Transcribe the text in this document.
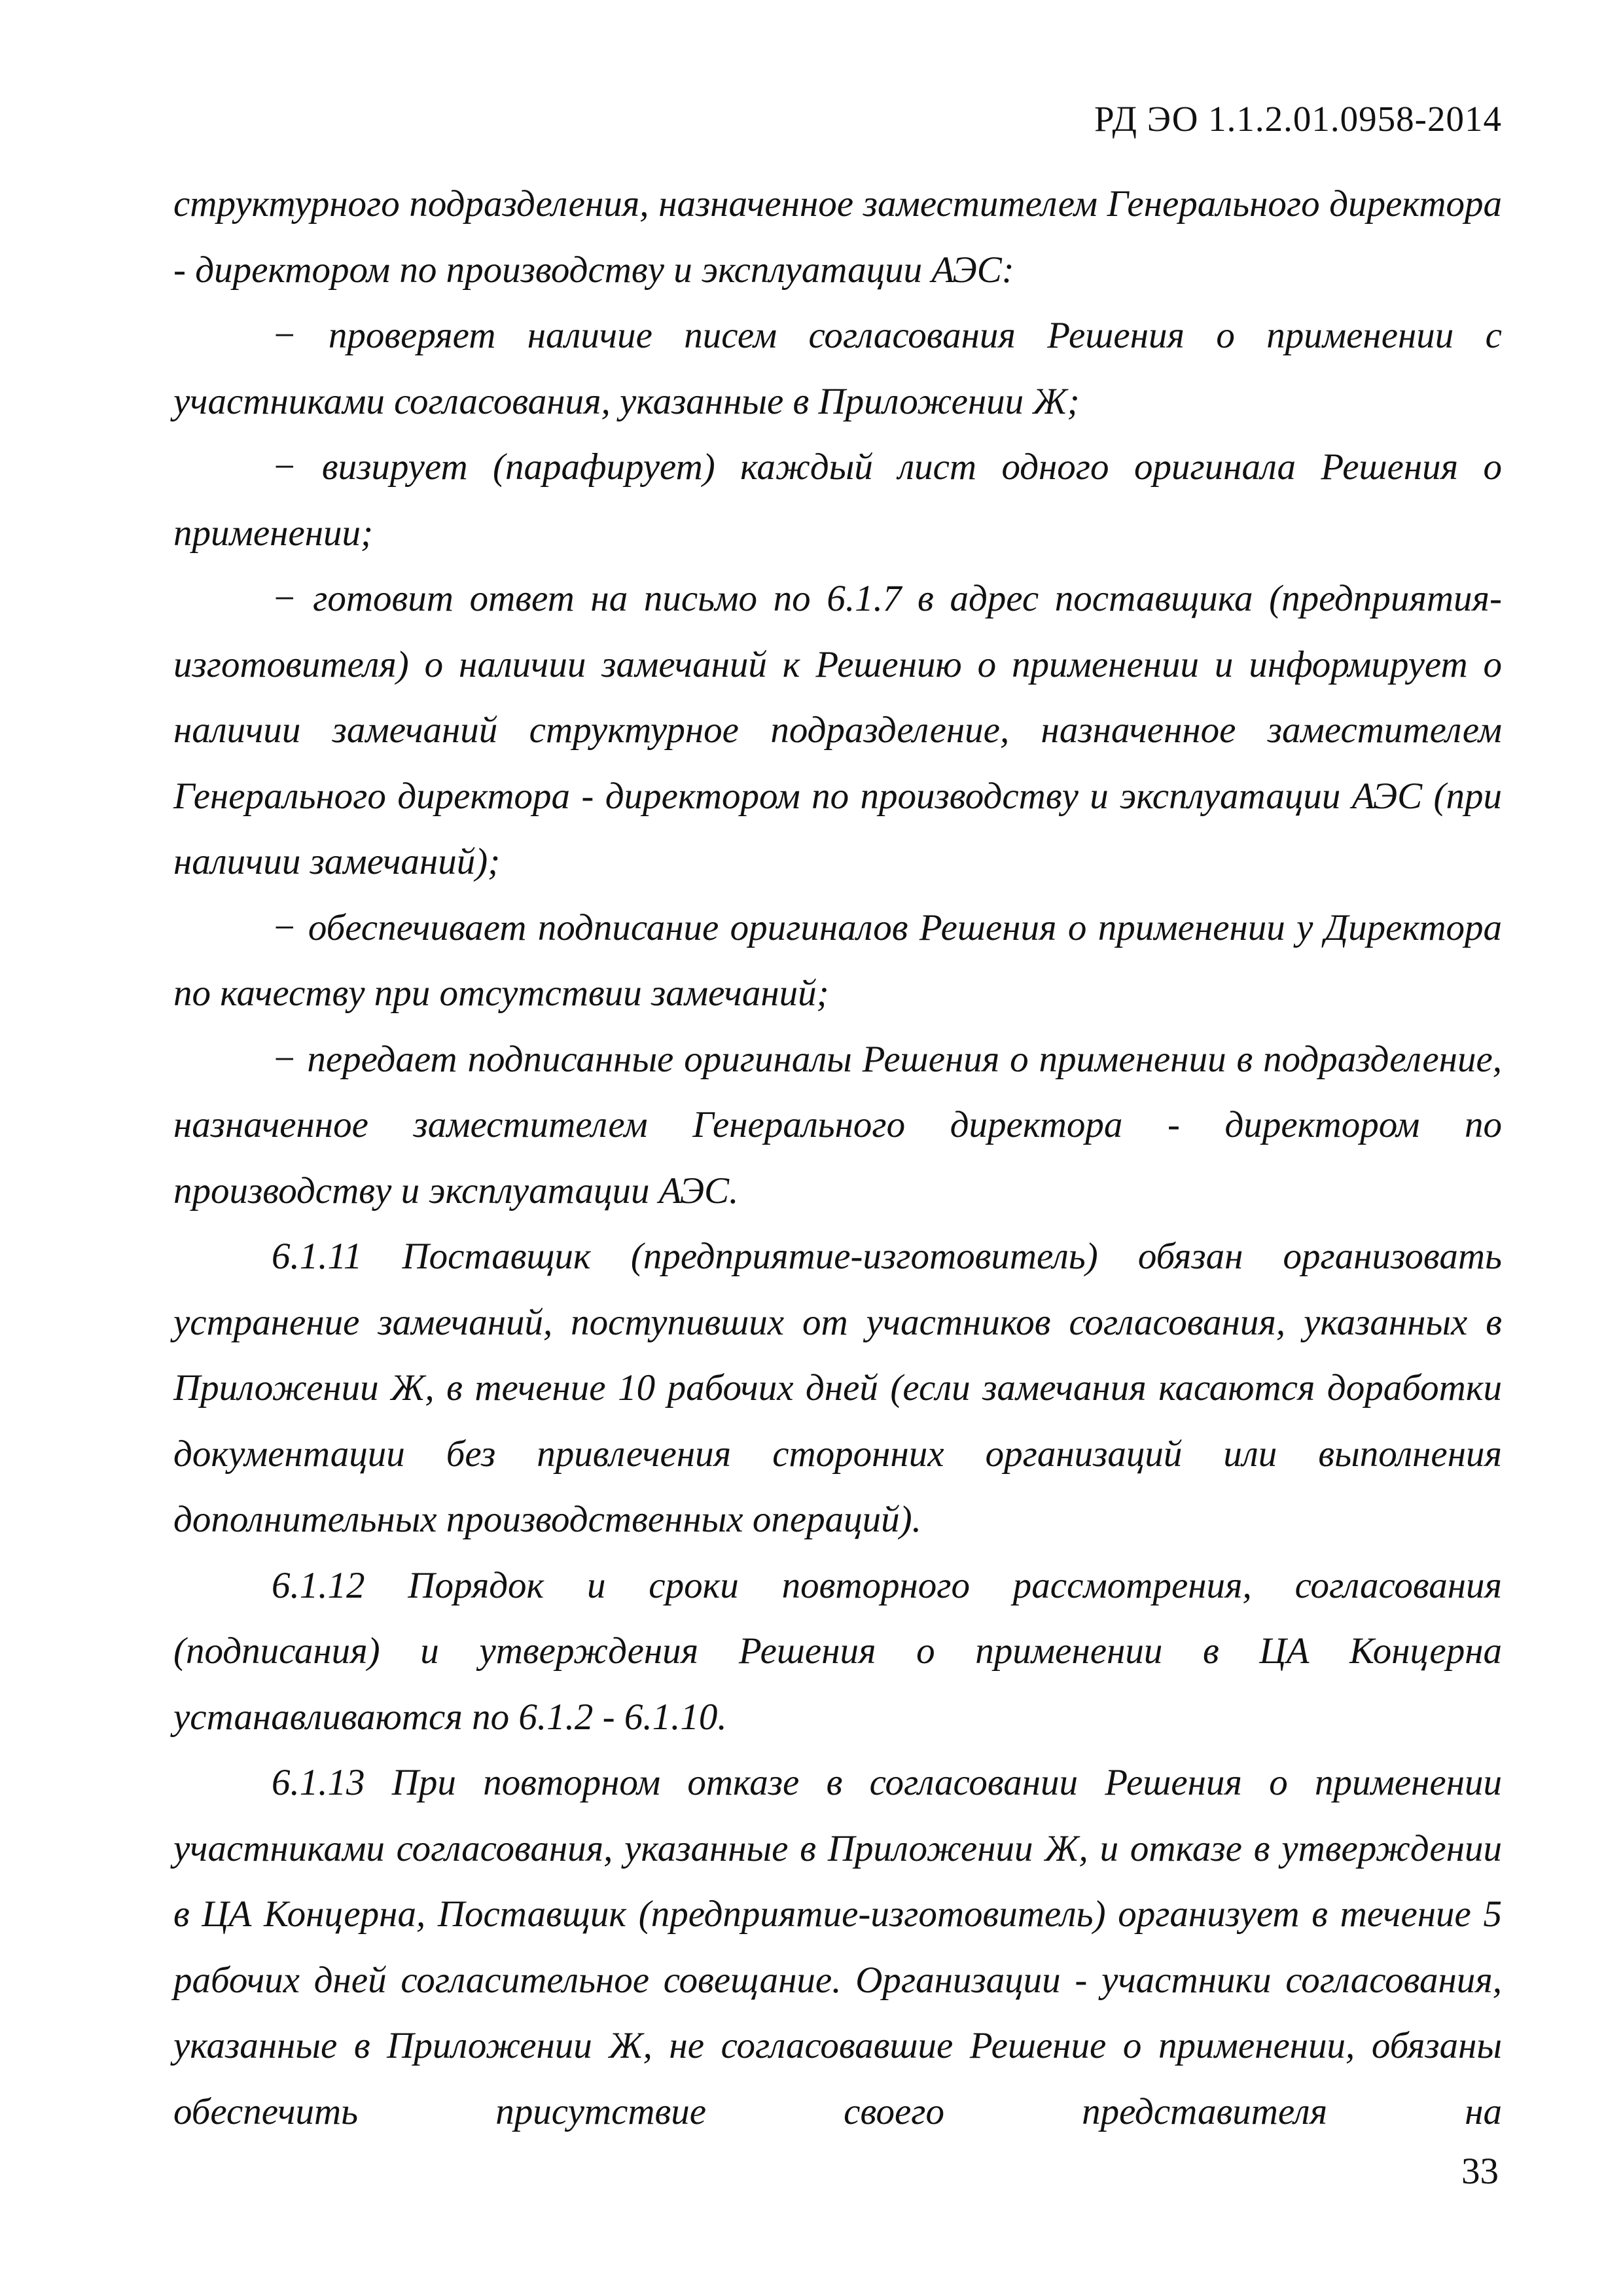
РД ЭО 1.1.2.01.0958-2014

структурного подразделения, назначенное заместителем Генерального директора - директором по производству и эксплуатации АЭС:

− проверяет наличие писем согласования Решения о применении с участниками согласования, указанные в Приложении Ж;

− визирует (парафирует) каждый лист одного оригинала Решения о применении;

− готовит ответ на письмо по 6.1.7 в адрес поставщика (предприятия-изготовителя) о наличии замечаний к Решению о применении и информирует о наличии замечаний структурное подразделение, назначенное заместителем Генерального директора - директором по производству и эксплуатации АЭС (при наличии замечаний);

− обеспечивает подписание оригиналов Решения о применении у Директора по качеству при отсутствии замечаний;

− передает подписанные оригиналы Решения о применении в подразделение, назначенное заместителем Генерального директора - директором по производству и эксплуатации АЭС.

6.1.11 Поставщик (предприятие-изготовитель) обязан организовать устранение замечаний, поступивших от участников согласования, указанных в Приложении Ж, в течение 10 рабочих дней (если замечания касаются доработки документации без привлечения сторонних организаций или выполнения дополнительных производственных операций).

6.1.12 Порядок и сроки повторного рассмотрения, согласования (подписания) и утверждения Решения о применении в ЦА Концерна устанавливаются по 6.1.2 - 6.1.10.

6.1.13 При повторном отказе в согласовании Решения о применении участниками согласования, указанные в Приложении Ж, и отказе в утверждении в ЦА Концерна, Поставщик (предприятие-изготовитель) организует в течение 5 рабочих дней согласительное совещание. Организации - участники согласования, указанные в Приложении Ж, не согласовавшие Решение о применении, обязаны обеспечить присутствие своего представителя на

33
